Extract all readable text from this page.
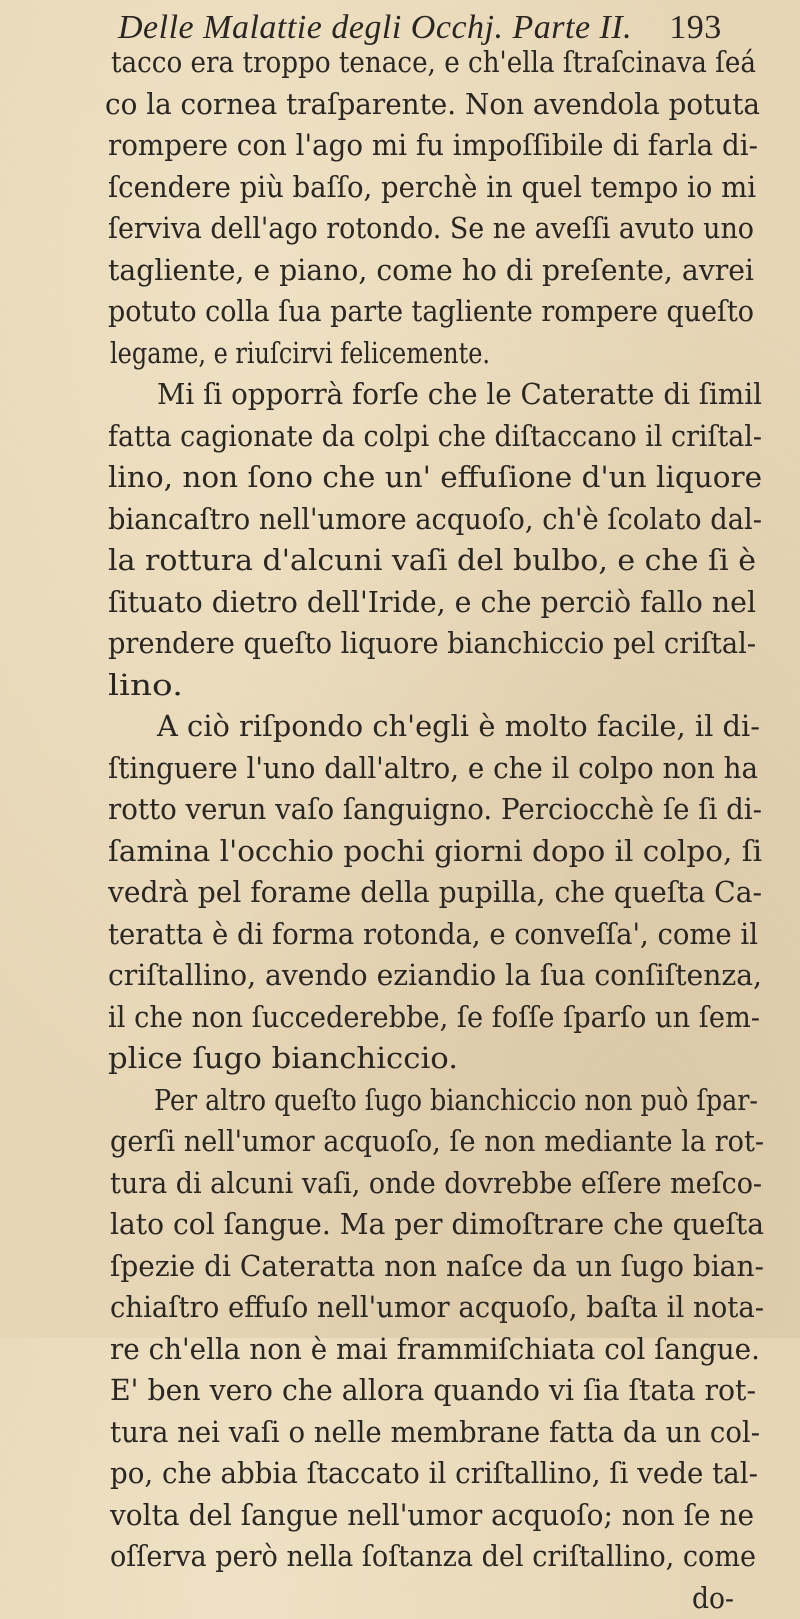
Delle Malattie degli Occhj. Parte II. 193
tacco era troppo tenace, e ch'ella ſtraſcinava ſeá
co la cornea traſparente. Non avendola potuta
rompere con l'ago mi fu impoſſibile di farla di-
ſcendere più baſſo, perchè in quel tempo io mi
ſerviva dell'ago rotondo. Se ne aveſſi avuto uno
tagliente, e piano, come ho di preſente, avrei
potuto colla ſua parte tagliente rompere queſto
legame, e riuſcirvi felicemente.
Mi ſi opporrà forſe che le Cateratte di ſimil
fatta cagionate da colpi che diſtaccano il criſtal-
lino, non ſono che un' effuſione d'un liquore
biancaſtro nell'umore acquoſo, ch'è ſcolato dal-
la rottura d'alcuni vaſi del bulbo, e che ſi è
ſituato dietro dell'Iride, e che perciò fallo nel
prendere queſto liquore bianchiccio pel criſtal-
lino.
A ciò riſpondo ch'egli è molto facile, il di-
ſtinguere l'uno dall'altro, e che il colpo non ha
rotto verun vaſo ſanguigno. Perciocchè ſe ſi di-
ſamina l'occhio pochi giorni dopo il colpo, ſi
vedrà pel forame della pupilla, che queſta Ca-
teratta è di forma rotonda, e conveſſa', come il
criſtallino, avendo eziandio la ſua conſiſtenza,
il che non ſuccederebbe, ſe foſſe ſparſo un ſem-
plice ſugo bianchiccio.
Per altro queſto ſugo bianchiccio non può ſpar-
gerſi nell'umor acquoſo, ſe non mediante la rot-
tura di alcuni vaſi, onde dovrebbe eſſere meſco-
lato col ſangue. Ma per dimoſtrare che queſta
ſpezie di Cateratta non naſce da un ſugo bian-
chiaſtro effuſo nell'umor acquoſo, baſta il nota-
re ch'ella non è mai frammiſchiata col ſangue.
E' ben vero che allora quando vi ſia ſtata rot-
tura nei vaſi o nelle membrane fatta da un col-
po, che abbia ſtaccato il criſtallino, ſi vede tal-
volta del ſangue nell'umor acquoſo; non ſe ne
oſſerva però nella ſoſtanza del criſtallino, come
do-
